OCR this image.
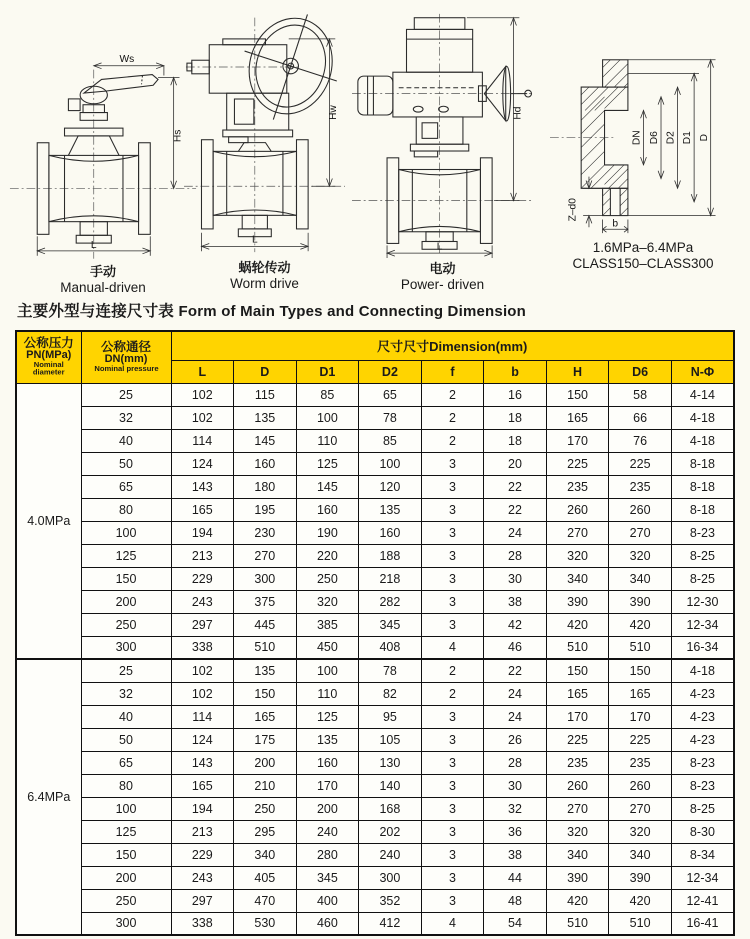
Ws
Hs
L
手动
Manual-driven
Hw
L
蜗轮传动
Worm drive
Hd
L
电动
Power- driven
DN D6 D2 D1 D
Z–d0
b
1.6MPa–6.4MPa
CLASS150–CLASS300
主要外型与连接尺寸表 Form of Main Types and Connecting Dimension
公称压力
PN(MPa)
Nominal diameter

公称通径
DN(mm)
Nominal pressure
	尺寸尺寸Dimension(mm)
		L	D	D1	D2	f	b	H	D6	N-Φ
4.0MPa	25	102	115	85	65	2	16	150	58	4-14
	32	102	135	100	78	2	18	165	66	4-18
	40	114	145	110	85	2	18	170	76	4-18
	50	124	160	125	100	3	20	225	225	8-18
	65	143	180	145	120	3	22	235	235	8-18
	80	165	195	160	135	3	22	260	260	8-18
	100	194	230	190	160	3	24	270	270	8-23
	125	213	270	220	188	3	28	320	320	8-25
	150	229	300	250	218	3	30	340	340	8-25
	200	243	375	320	282	3	38	390	390	12-30
	250	297	445	385	345	3	42	420	420	12-34
	300	338	510	450	408	4	46	510	510	16-34
6.4MPa	25	102	135	100	78	2	22	150	150	4-18
	32	102	150	110	82	2	24	165	165	4-23
	40	114	165	125	95	3	24	170	170	4-23
	50	124	175	135	105	3	26	225	225	4-23
	65	143	200	160	130	3	28	235	235	8-23
	80	165	210	170	140	3	30	260	260	8-23
	100	194	250	200	168	3	32	270	270	8-25
	125	213	295	240	202	3	36	320	320	8-30
	150	229	340	280	240	3	38	340	340	8-34
	200	243	405	345	300	3	44	390	390	12-34
	250	297	470	400	352	3	48	420	420	12-41
	300	338	530	460	412	4	54	510	510	16-41
